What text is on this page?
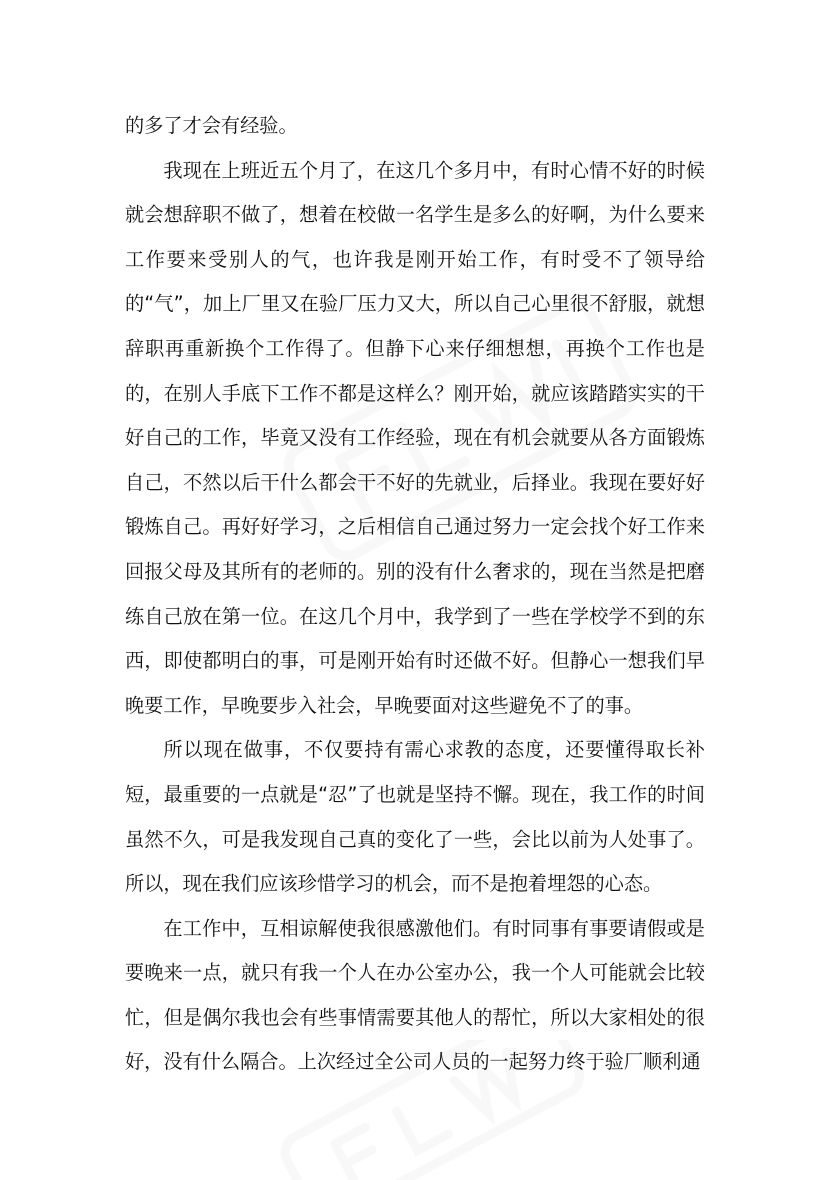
的多了才会有经验。

我现在上班近五个月了，在这几个多月中，有时心情不好的时候就会想辞职不做了，想着在校做一名学生是多么的好啊，为什么要来工作要来受别人的气，也许我是刚开始工作，有时受不了领导给的“气”，加上厂里又在验厂压力又大，所以自己心里很不舒服，就想辞职再重新换个工作得了。但静下心来仔细想想，再换个工作也是的，在别人手底下工作不都是这样么？刚开始，就应该踏踏实实的干好自己的工作，毕竟又没有工作经验，现在有机会就要从各方面锻炼自己，不然以后干什么都会干不好的先就业，后择业。我现在要好好锻炼自己。再好好学习，之后相信自己通过努力一定会找个好工作来回报父母及其所有的老师的。别的没有什么奢求的，现在当然是把磨练自己放在第一位。在这几个月中，我学到了一些在学校学不到的东西，即使都明白的事，可是刚开始有时还做不好。但静心一想我们早晚要工作，早晚要步入社会，早晚要面对这些避免不了的事。

所以现在做事，不仅要持有需心求教的态度，还要懂得取长补短，最重要的一点就是“忍”了也就是坚持不懈。现在，我工作的时间虽然不久，可是我发现自己真的变化了一些，会比以前为人处事了。所以，现在我们应该珍惜学习的机会，而不是抱着埋怨的心态。

在工作中，互相谅解使我很感激他们。有时同事有事要请假或是要晚来一点，就只有我一个人在办公室办公，我一个人可能就会比较忙，但是偶尔我也会有些事情需要其他人的帮忙，所以大家相处的很好，没有什么隔合。上次经过全公司人员的一起努力终于验厂顺利通
